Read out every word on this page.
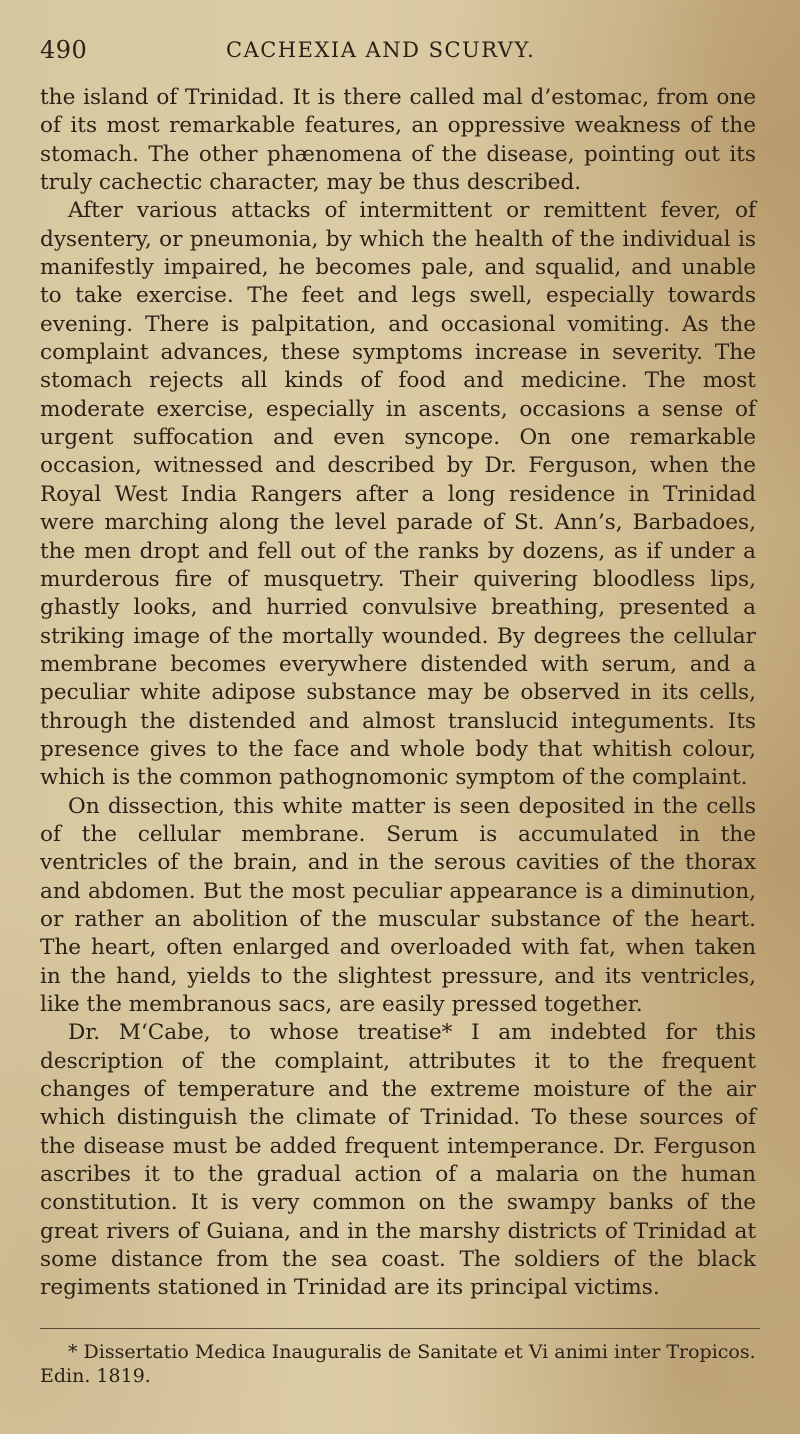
490	CACHEXIA AND SCURVY.

the island of Trinidad. It is there called mal d’estomac, from one of its most remarkable features, an oppressive weakness of the stomach. The other phænomena of the disease, pointing out its truly cachectic character, may be thus described.

After various attacks of intermittent or remittent fever, of dysentery, or pneumonia, by which the health of the individual is manifestly impaired, he becomes pale, and squalid, and unable to take exercise. The feet and legs swell, especially towards evening. There is palpitation, and occasional vomiting. As the complaint advances, these symptoms increase in severity. The stomach rejects all kinds of food and medicine. The most moderate exercise, especially in ascents, occasions a sense of urgent suffocation and even syncope. On one remarkable occasion, witnessed and described by Dr. Ferguson, when the Royal West India Rangers after a long residence in Trinidad were marching along the level parade of St. Ann’s, Barbadoes, the men dropt and fell out of the ranks by dozens, as if under a murderous fire of musquetry. Their quivering bloodless lips, ghastly looks, and hurried convulsive breathing, presented a striking image of the mortally wounded. By degrees the cellular membrane becomes everywhere distended with serum, and a peculiar white adipose substance may be observed in its cells, through the distended and almost translucid integuments. Its presence gives to the face and whole body that whitish colour, which is the common pathognomonic symptom of the complaint.

On dissection, this white matter is seen deposited in the cells of the cellular membrane. Serum is accumulated in the ventricles of the brain, and in the serous cavities of the thorax and abdomen. But the most peculiar appearance is a diminution, or rather an abolition of the muscular substance of the heart. The heart, often enlarged and overloaded with fat, when taken in the hand, yields to the slightest pressure, and its ventricles, like the membranous sacs, are easily pressed together.

Dr. M‘Cabe, to whose treatise* I am indebted for this description of the complaint, attributes it to the frequent changes of temperature and the extreme moisture of the air which distinguish the climate of Trinidad. To these sources of the disease must be added frequent intemperance. Dr. Ferguson ascribes it to the gradual action of a malaria on the human constitution. It is very common on the swampy banks of the great rivers of Guiana, and in the marshy districts of Trinidad at some distance from the sea coast. The soldiers of the black regiments stationed in Trinidad are its principal victims.

* Dissertatio Medica Inauguralis de Sanitate et Vi animi inter Tropicos. Edin. 1819.
